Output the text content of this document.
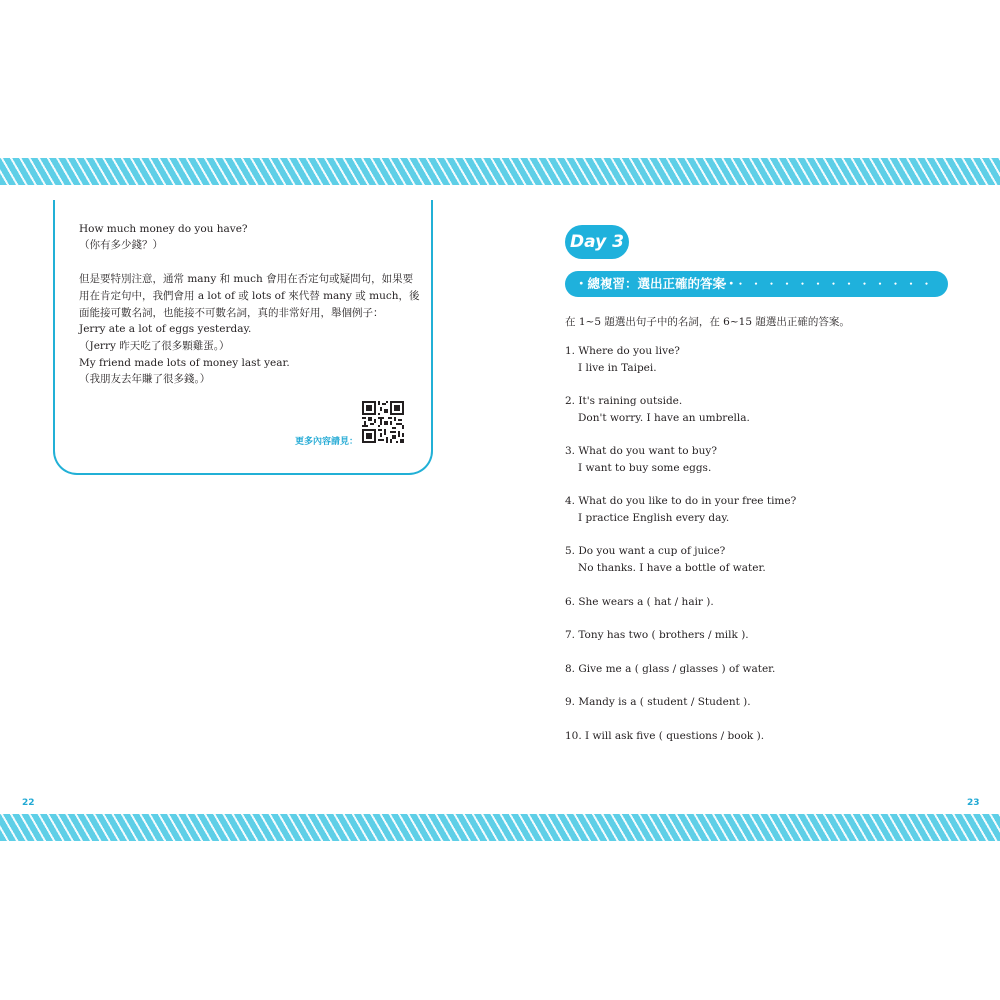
How much money do you have?
（你有多少錢？）
但是要特別注意，通常 many 和 much 會用在否定句或疑問句，如果要
用在肯定句中，我們會用 a lot of 或 lots of 來代替 many 或 much，後
面能接可數名詞，也能接不可數名詞，真的非常好用，舉個例子：
Jerry ate a lot of eggs yesterday.
（Jerry 昨天吃了很多顆雞蛋。）
My friend made lots of money last year.
（我朋友去年賺了很多錢。）
更多內容請見：
22
Day 3
・總複習：選出正確的答案・
・・・・・・・・・・・・・・・
在 1~5 題選出句子中的名詞，在 6~15 題選出正確的答案。
1. Where do you live?
I live in Taipei.
2. It's raining outside.
Don't worry. I have an umbrella.
3. What do you want to buy?
I want to buy some eggs.
4. What do you like to do in your free time?
I practice English every day.
5. Do you want a cup of juice?
No thanks. I have a bottle of water.
6. She wears a ( hat / hair ).
7. Tony has two ( brothers / milk ).
8. Give me a ( glass / glasses ) of water.
9. Mandy is a ( student / Student ).
10. I will ask five ( questions / book ).
23
